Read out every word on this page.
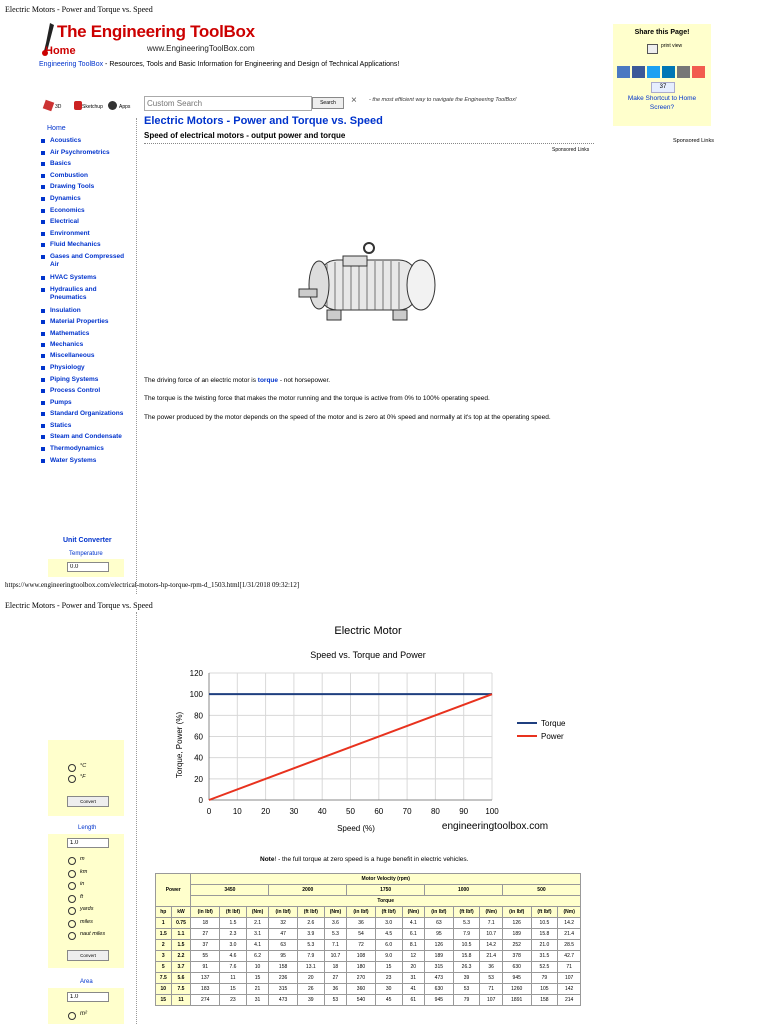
Electric Motors - Power and Torque vs. Speed
The Engineering ToolBox
Home	www.EngineeringToolBox.com
Engineering ToolBox - Resources, Tools and Basic Information for Engineering and Design of Technical Applications!
Share this Page!
print view
37
Make Shortcut to Home Screen?
Sponsored Links
3D	Sketchup	Apps
Custom Search
Search	× - the most efficient way to navigate the Engineering ToolBox!
Home
Acoustics
Air Psychrometrics
Basics
Combustion
Drawing Tools
Dynamics
Economics
Electrical
Environment
Fluid Mechanics
Gases and Compressed Air
HVAC Systems
Hydraulics and Pneumatics
Insulation
Material Properties
Mathematics
Mechanics
Miscellaneous
Physiology
Piping Systems
Process Control
Pumps
Standard Organizations
Statics
Steam and Condensate
Thermodynamics
Water Systems
Unit Converter
Temperature
0.0
Electric Motors - Power and Torque vs. Speed
Speed of electrical motors - output power and torque
Sponsored Links
The driving force of an electric motor is torque - not horsepower.
The torque is the twisting force that makes the motor running and the torque is active from 0% to 100% operating speed.
The power produced by the motor depends on the speed of the motor and is zero at 0% speed and normally at it's top at the operating speed.
https://www.engineeringtoolbox.com/electrical-motors-hp-torque-rpm-d_1503.html[1/31/2018 09:32:12]
Electric Motors - Power and Torque vs. Speed
°C
°F
Convert
Length
1.0
m
km
in
ft
yards
miles
naut miles
Convert
Area
1.0
m²
Electric Motor
Speed vs. Torque and Power
0
20
40
60
80
100
120
0	10 20 30 40 50 60 70 80 90 100
Speed (%)
Torque, Power (%)
engineeringtoolbox.com
Torque
Power
Note! - the full torque at zero speed is a huge benefit in electric vehicles.
Power		Motor Velocity (rpm)														
		3450			2000			1750			1000			500		
		Torque														
hp	kW	(in lbf)	(ft lbf)	(Nm)	(in lbf)	(ft lbf)	(Nm)	(in lbf)	(ft lbf)	(Nm)	(in lbf)	(ft lbf)	(Nm)	(in lbf)	(ft lbf)	(Nm)
1	0.75	18	1.5	2.1	32	2.6	3.6	36	3.0	4.1	63	5.3	7.1	126	10.5	14.2
1.5	1.1	27	2.3	3.1	47	3.9	5.3	54	4.5	6.1	95	7.9	10.7	189	15.8	21.4
2	1.5	37	3.0	4.1	63	5.3	7.1	72	6.0	8.1	126	10.5	14.2	252	21.0	28.5
3	2.2	55	4.6	6.2	95	7.9	10.7	108	9.0	12	189	15.8	21.4	378	31.5	42.7
5	3.7	91	7.6	10	158	13.1	18	180	15	20	315	26.3	36	630	52.5	71
7.5	5.6	137	11	15	236	20	27	270	23	31	473	39	53	945	79	107
10	7.5	183	15	21	315	26	36	360	30	41	630	53	71	1260	105	142
15	11	274	23	31	473	39	53	540	45	61	945	79	107	1891	158	214
